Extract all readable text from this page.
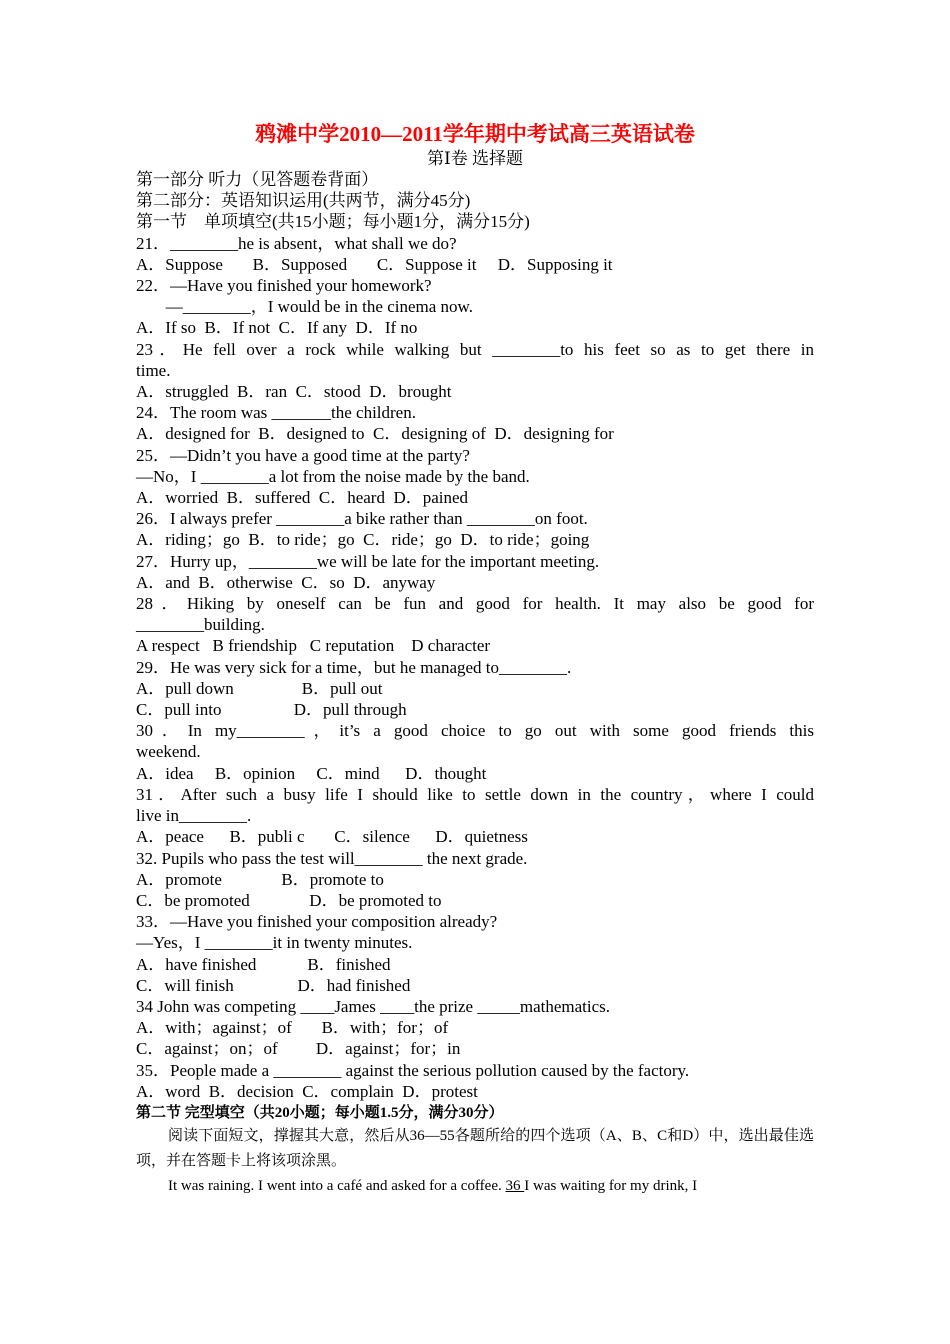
鸦滩中学2010—2011学年期中考试高三英语试卷
第Ⅰ卷 选择题
第一部分 听力（见答题卷背面）
第二部分：英语知识运用(共两节，满分45分)
第一节　单项填空(共15小题；每小题1分，满分15分)
21．________he is absent，what shall we do?
A．Suppose       B．Supposed       C．Suppose it     D．Supposing it
22．—Have you finished your homework?
—________，I would be in the cinema now.
A．If so  B．If not  C．If any  D．If no
23．He fell over a rock while walking but ________to his feet so as to get there in
time.
A．struggled  B．ran  C．stood  D．brought
24．The room was _______the children.
A．designed for  B．designed to  C．designing of  D．designing for
25．—Didn’t you have a good time at the party?
—No，I ________a lot from the noise made by the band.
A．worried  B．suffered  C．heard  D．pained
26．I always prefer ________a bike rather than ________on foot.
A．riding；go  B．to ride；go  C．ride；go  D．to ride；going
27．Hurry up，________we will be late for the important meeting.
A．and  B．otherwise  C．so  D．anyway
28．Hiking by oneself can be fun and good for health. It may also be good for
________building.
A respect   B friendship   C reputation    D character
29．He was very sick for a time，but he managed to________.
A．pull down                B．pull out
C．pull into                 D．pull through
30．In my________，it’s a good choice to go out with some good friends this
weekend.
A．idea     B．opinion     C．mind      D．thought
31．After such a busy life I should like to settle down in the country，where I could
live in________.
A．peace      B．publi c       C．silence      D．quietness
32. Pupils who pass the test will________ the next grade.
A．promote              B．promote to
C．be promoted              D．be promoted to
33．—Have you finished your composition already?
—Yes，I ________it in twenty minutes.
A．have finished            B．finished
C．will finish               D．had finished
34 John was competing ____James ____the prize _____mathematics.
A．with；against；of       B．with；for；of
C．against；on；of         D．against；for；in
35．People made a ________ against the serious pollution caused by the factory.
A．word  B．decision  C．complain  D．protest
第二节 完型填空（共20小题；每小题1.5分，满分30分）
阅读下面短文，撑握其大意，然后从36—55各题所给的四个选项（A、B、C和D）中，选出最佳选项，并在答题卡上将该项涂黑。
It was raining. I went into a café and asked for a coffee. 36 I was waiting for my drink, I
